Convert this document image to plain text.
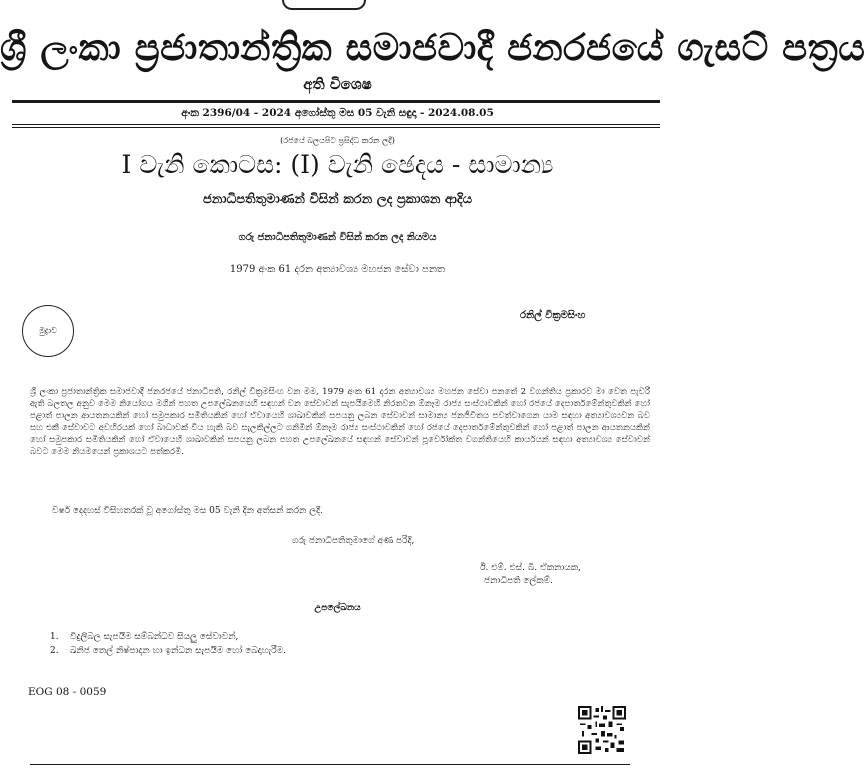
ශ්‍රී ලංකා ප්‍රජාතාන්ත්‍රික සමාජවාදී ජනරජයේ ගැසට් පත්‍රය
අති විශෙෂ
අංක 2396/04 - 2024 අගෝස්තු මස 05 වැනි සඳුදා - 2024.08.05
(රජයේ බලයපිට ප්‍රසිද්ධ කරන ලදී)
I වැනි කොටස: (I) වැනි ඡෙදය - සාමාන්‍ය
ජනාධිපතිතුමාණන් විසින් කරන ලද ප්‍රකාශන ආදිය
ගරු ජනාධිපතිතුමාණන් විසින් කරන ලද නියමය
1979 අංක 61 දරන අත්‍යාවශ්‍ය මහජන සේවා පනත
මුද්‍රාව
රනිල් වික්‍රමසිංහ

ශ්‍රී ලංකා ප්‍රජාතාන්ත්‍රික සමාජවාදී ජනරජයේ ජනාධිපති, රනිල් වික්‍රමසිංහ වන මම, 1979 අංක 61 දරන අත්‍යාවශ්‍ය මහජන සේවා පනතේ 2 වගන්තිය ප්‍රකාරව මා වෙත පැවරී ඇති බලතල අනුව මෙම නියෝගය මගින් පහත උපලේඛනයෙහි සඳහන් වන සේවාවන් සැපයීමෙහි නිරතවන ඕනෑම රාජ්‍ය සංස්ථාවකින් හෝ රජයේ දෙපාර්තමේන්තුවකින් හෝ පළාත් පාලන ආයතනයකින් හෝ සමුපකාර සමිතියකින් හෝ ඒවායෙහි ශාඛාවකින් සපයනු ලබන සේවාවන් සාමාන්‍ය ජනජීවිතය පවත්වාගෙන යාම සඳහා අත්‍යාවශ්‍යවන බව සහ එකී සේවාවට අවහිරයක් හෝ බාධාවක් විය හැකි බව සැලකිල්ලට ගනිමින් ඕනෑම රාජ්‍ය සංස්ථාවකින් හෝ රජයේ දෙපාර්තමේන්තුවකින් හෝ පළාත් පාලන ආයතනයකින් හෝ සමුපකාර සමිතියකින් හෝ ඒවායෙහි ශාඛාවකින් සපයනු ලබන පහත උපලේඛනයේ සඳහන් සේවාවන් පූර්වෝක්ත වගන්තියෙහි කාර්යයන් සඳහා අත්‍යාවශ්‍ය සේවාවන් බවට මෙම නියමයෙන් ප්‍රකාශයට පත්කරමි.

වර්ෂ දෙදහස් විසිහතරක් වූ අගෝස්තු මස 05 වැනි දින අත්සන් කරන ලදී.
ගරු ජනාධිපතිතුමාගේ අණ පරිදි,
ඊ. එම්. එස්. බී. ඒකනායක,
ජනාධිපති ලේකම්.
උපලේඛනය
1. විදුලිබල සැපයීම සම්බන්ධව සියලු සේවාවන්,
2. ඛනිජ තෙල් නිෂ්පාදන හා ඉන්ධන සැපයීම හෝ බෙදාහැරීම.
EOG 08 - 0059
